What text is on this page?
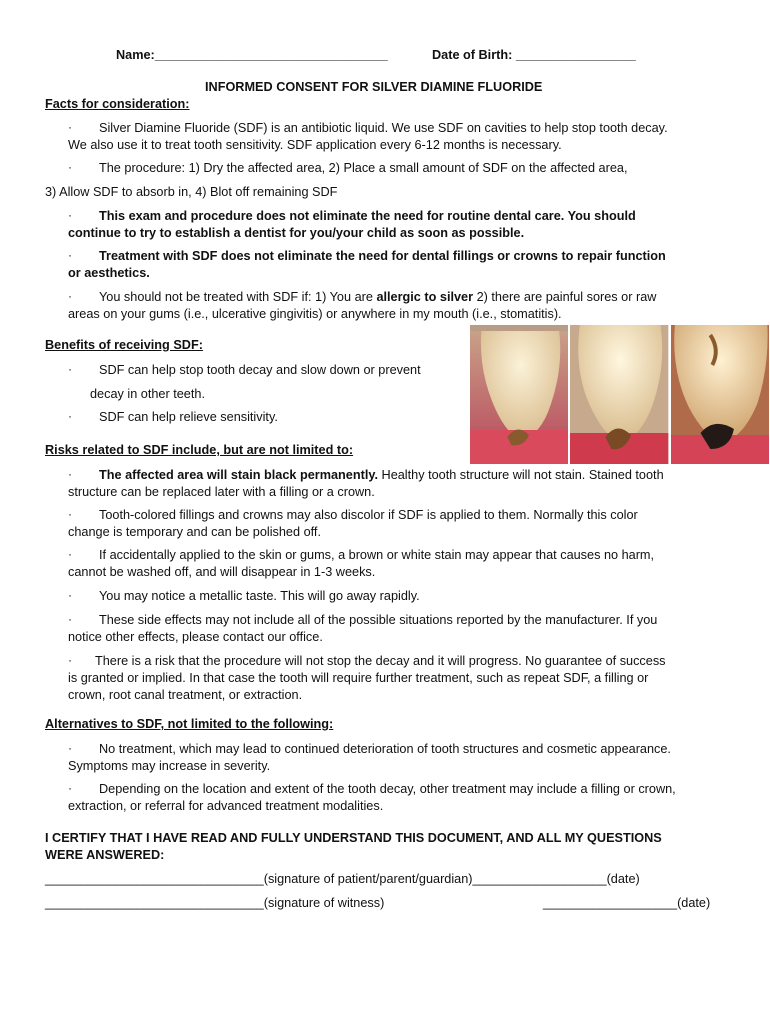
Name:_________________________________	Date of Birth: _________________
INFORMED CONSENT FOR SILVER DIAMINE FLUORIDE
Facts for consideration:
·	Silver Diamine Fluoride (SDF) is an antibiotic liquid. We use SDF on cavities to help stop tooth decay.

We also use it to treat tooth sensitivity. SDF application every 6-12 months is necessary.

·	The procedure: 1) Dry the affected area, 2) Place a small amount of SDF on the affected area,

3) Allow SDF to absorb in, 4) Blot off remaining SDF

·	This exam and procedure does not eliminate the need for routine dental care. You should

continue to try to establish a dentist for you/your child as soon as possible.

·	Treatment with SDF does not eliminate the need for dental fillings or crowns to repair function

or aesthetics.

·	You should not be treated with SDF if: 1) You are allergic to silver 2) there are painful sores or raw

areas on your gums (i.e., ulcerative gingivitis) or anywhere in my mouth (i.e., stomatitis).

Benefits of receiving SDF:
·	SDF can help stop tooth decay and slow down or prevent

decay in other teeth.

·	SDF can help relieve sensitivity.

Risks related to SDF include, but are not limited to:
·	The affected area will stain black permanently. Healthy tooth structure will not stain. Stained tooth

structure can be replaced later with a filling or a crown.

·	Tooth-colored fillings and crowns may also discolor if SDF is applied to them. Normally this color

change is temporary and can be polished off.

·	If accidentally applied to the skin or gums, a brown or white stain may appear that causes no harm,

cannot be washed off, and will disappear in 1-3 weeks.

·	You may notice a metallic taste. This will go away rapidly.

·	These side effects may not include all of the possible situations reported by the manufacturer. If you

notice other effects, please contact our office.

·	There is a risk that the procedure will not stop the decay and it will progress. No guarantee of success

is granted or implied. In that case the tooth will require further treatment, such as repeat SDF, a filling or

crown, root canal treatment, or extraction.

Alternatives to SDF, not limited to the following:
·	No treatment, which may lead to continued deterioration of tooth structures and cosmetic appearance.

Symptoms may increase in severity.

·	Depending on the location and extent of the tooth decay, other treatment may include a filling or crown,

extraction, or referral for advanced treatment modalities.

I CERTIFY THAT I HAVE READ AND FULLY UNDERSTAND THIS DOCUMENT, AND ALL MY QUESTIONS

WERE ANSWERED:

_______________________________(signature of patient/parent/guardian)___________________(date)
_______________________________(signature of witness)	___________________(date)
